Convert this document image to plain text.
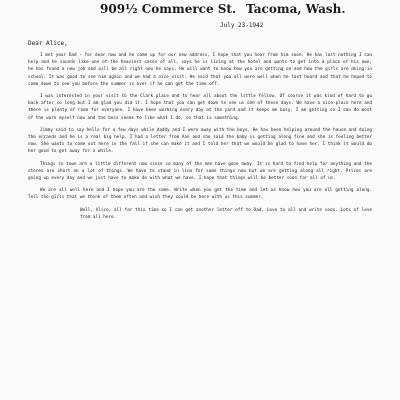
909½ Commerce St. Tacoma, Wash.
July 23-1942
Dear Alice,

I met your Dad - for dear now and he came up for our new address, I hope that you hear from him soon. He has lost nothing I can help and he sounds like one of the heaviest cases of all, says he is living at the hotel and wants to get into a place of his own, he has found a new job and will be all right now he says. He will want to know how you are getting on and how the girls are doing in school. It was good to see him again and we had a nice visit. He said that you all were well when he last heard and that he hoped to come down to see you before the summer is over if he can get the time off.

I was interested in your visit to the Clark place and to hear all about the little fellow. Of course it was kind of hard to go back after so long but I am glad you did it. I hope that you can get down to see us one of these days. We have a nice place here and there is plenty of room for everyone. I have been working every day at the yard and it keeps me busy. I am getting so I can do most of the work myself now and the boss seems to like what I do, so that is something.

Jimmy said to say hello for a few days while daddy and I were away with the boys. He has been helping around the house and doing the errands and he is a real big help. I had a letter from Ann and she said the baby is getting along fine and she is feeling better now. She wants to come out here in the fall if she can make it and I told her that we would be glad to have her. I think it would do her good to get away for a while.

Things in town are a little different now since so many of the men have gone away. It is hard to find help for anything and the stores are short on a lot of things. We have to stand in line for some things now but we are getting along all right. Prices are going up every day and we just have to make do with what we have. I hope that things will be better soon for all of us.

We are all well here and I hope you are the same. Write when you get the time and let us know how you are all getting along. Tell the girls that we think of them often and wish they could be here with us this summer.

Well, Alice, all for this time so I can get another letter off to Dad. Love to all and write soon. Lots of love from all here.
